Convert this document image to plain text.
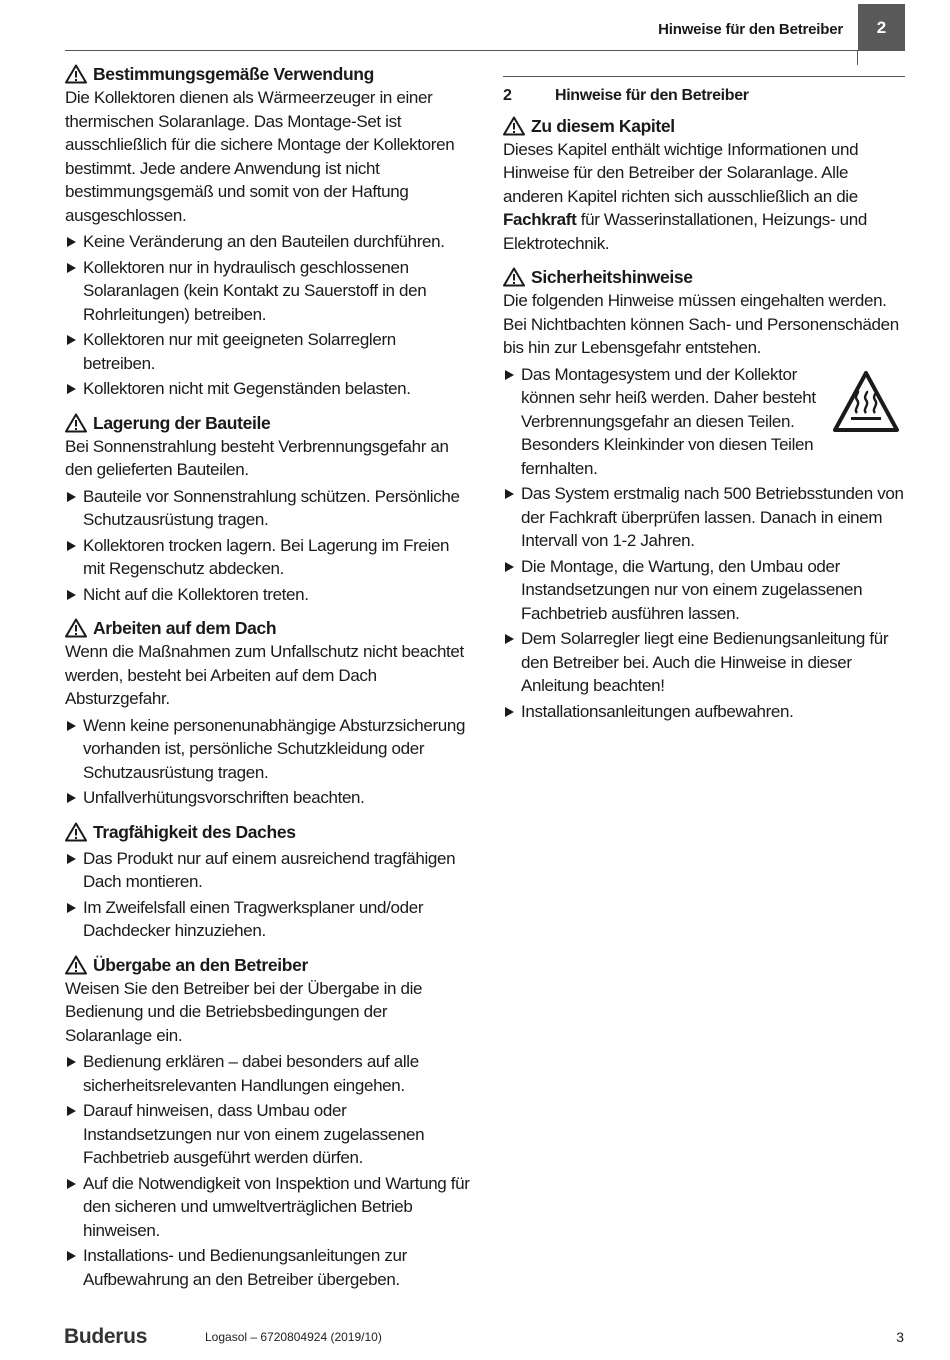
Hinweise für den Betreiber	2
Bestimmungsgemäße Verwendung

Die Kollektoren dienen als Wärmeerzeuger in einer thermischen Solaranlage. Das Montage-Set ist ausschließlich für die sichere Montage der Kollektoren bestimmt. Jede andere Anwendung ist nicht bestimmungsgemäß und somit von der Haftung ausgeschlossen.

Keine Veränderung an den Bauteilen durchführen.
Kollektoren nur in hydraulisch geschlossenen Solaranlagen (kein Kontakt zu Sauerstoff in den Rohrleitungen) betreiben.
Kollektoren nur mit geeigneten Solarreglern betreiben.
Kollektoren nicht mit Gegenständen belasten.
Lagerung der Bauteile

Bei Sonnenstrahlung besteht Verbrennungsgefahr an den gelieferten Bauteilen.

Bauteile vor Sonnenstrahlung schützen. Persönliche Schutzausrüstung tragen.
Kollektoren trocken lagern. Bei Lagerung im Freien mit Regenschutz abdecken.
Nicht auf die Kollektoren treten.
Arbeiten auf dem Dach

Wenn die Maßnahmen zum Unfallschutz nicht beachtet werden, besteht bei Arbeiten auf dem Dach Absturzgefahr.

Wenn keine personenunabhängige Absturzsicherung vorhanden ist, persönliche Schutzkleidung oder Schutzausrüstung tragen.
Unfallverhütungsvorschriften beachten.
Tragfähigkeit des Daches
Das Produkt nur auf einem ausreichend tragfähigen Dach montieren.
Im Zweifelsfall einen Tragwerksplaner und/oder Dachdecker hinzuziehen.
Übergabe an den Betreiber

Weisen Sie den Betreiber bei der Übergabe in die Bedienung und die Betriebsbedingungen der Solaranlage ein.

Bedienung erklären – dabei besonders auf alle sicherheitsrelevanten Handlungen eingehen.
Darauf hinweisen, dass Umbau oder Instandsetzungen nur von einem zugelassenen Fachbetrieb ausgeführt werden dürfen.
Auf die Notwendigkeit von Inspektion und Wartung für den sicheren und umweltverträglichen Betrieb hinweisen.
Installations- und Bedienungsanleitungen zur Aufbewahrung an den Betreiber übergeben.
2	Hinweise für den Betreiber
Zu diesem Kapitel

Dieses Kapitel enthält wichtige Informationen und Hinweise für den Betreiber der Solaranlage. Alle anderen Kapitel richten sich ausschließlich an die Fachkraft für Wasserinstallationen, Heizungs- und Elektrotechnik.

Sicherheitshinweise

Die folgenden Hinweise müssen eingehalten werden. Bei Nichtbachten können Sach- und Personenschäden bis hin zur Lebensgefahr entstehen.

Das Montagesystem und der Kollektor können sehr heiß werden. Daher besteht Verbrennungsgefahr an diesen Teilen. Besonders Kleinkinder von diesen Teilen fernhalten.
Das System erstmalig nach 500 Betriebsstunden von der Fachkraft überprüfen lassen. Danach in einem Intervall von 1-2 Jahren.
Die Montage, die Wartung, den Umbau oder Instandsetzungen nur von einem zugelassenen Fachbetrieb ausführen lassen.
Dem Solarregler liegt eine Bedienungsanleitung für den Betreiber bei. Auch die Hinweise in dieser Anleitung beachten!
Installationsanleitungen aufbewahren.
Buderus	Logasol – 6720804924 (2019/10)	3
